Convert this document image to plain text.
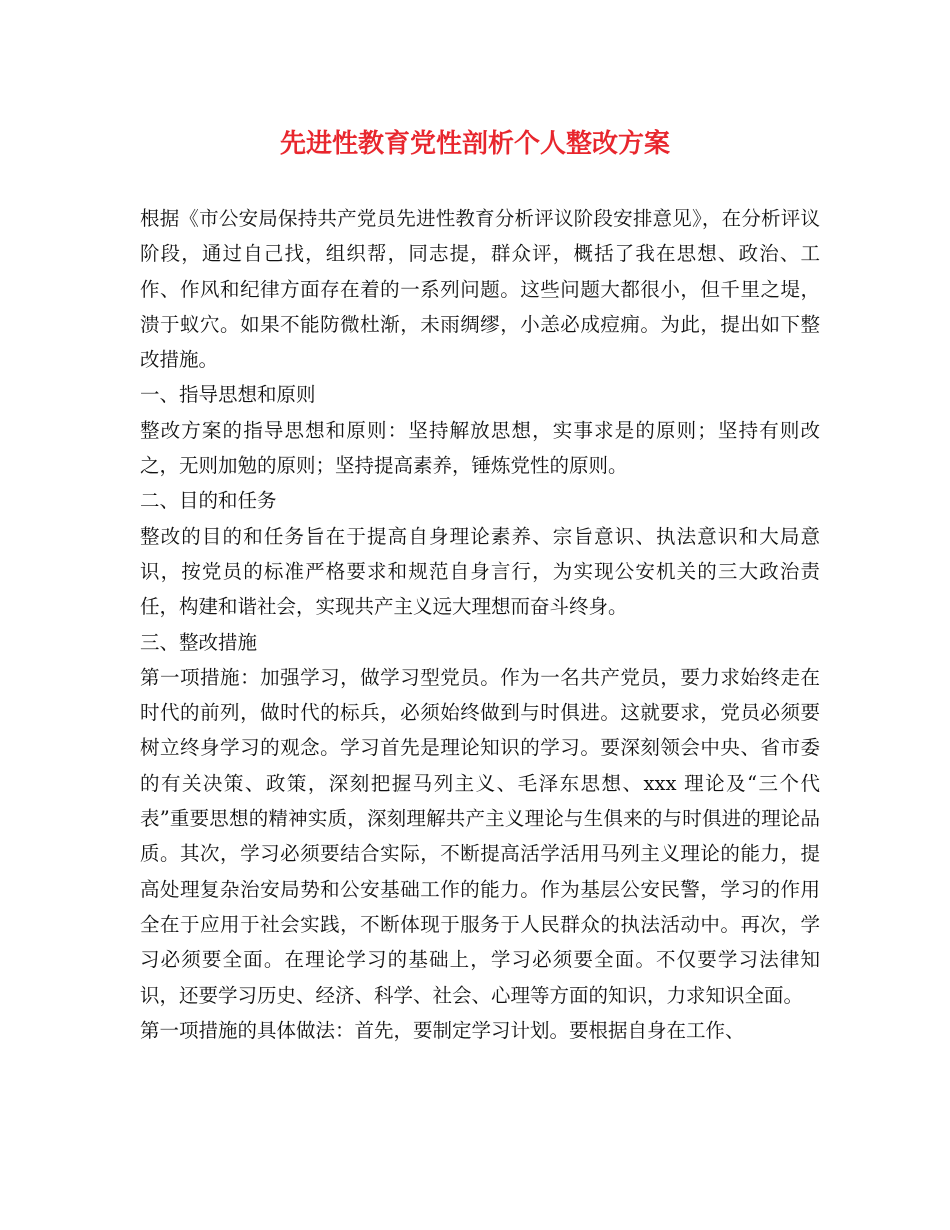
先进性教育党性剖析个人整改方案

根据《市公安局保持共产党员先进性教育分析评议阶段安排意见》，在分析评议阶段，通过自己找，组织帮，同志提，群众评，概括了我在思想、政治、工作、作风和纪律方面存在着的一系列问题。这些问题大都很小，但千里之堤，溃于蚁穴。如果不能防微杜渐，未雨绸缪，小恙必成痘痈。为此，提出如下整改措施。

一、指导思想和原则

整改方案的指导思想和原则：坚持解放思想，实事求是的原则；坚持有则改之，无则加勉的原则；坚持提高素养，锤炼党性的原则。

二、目的和任务

整改的目的和任务旨在于提高自身理论素养、宗旨意识、执法意识和大局意识，按党员的标准严格要求和规范自身言行，为实现公安机关的三大政治责任，构建和谐社会，实现共产主义远大理想而奋斗终身。

三、整改措施

第一项措施：加强学习，做学习型党员。作为一名共产党员，要力求始终走在时代的前列，做时代的标兵，必须始终做到与时俱进。这就要求，党员必须要树立终身学习的观念。学习首先是理论知识的学习。要深刻领会中央、省市委的有关决策、政策，深刻把握马列主义、毛泽东思想、xxx 理论及“三个代表”重要思想的精神实质，深刻理解共产主义理论与生俱来的与时俱进的理论品质。其次，学习必须要结合实际，不断提高活学活用马列主义理论的能力，提高处理复杂治安局势和公安基础工作的能力。作为基层公安民警，学习的作用全在于应用于社会实践，不断体现于服务于人民群众的执法活动中。再次，学习必须要全面。在理论学习的基础上，学习必须要全面。不仅要学习法律知识，还要学习历史、经济、科学、社会、心理等方面的知识，力求知识全面。

第一项措施的具体做法：首先，要制定学习计划。要根据自身在工作、
